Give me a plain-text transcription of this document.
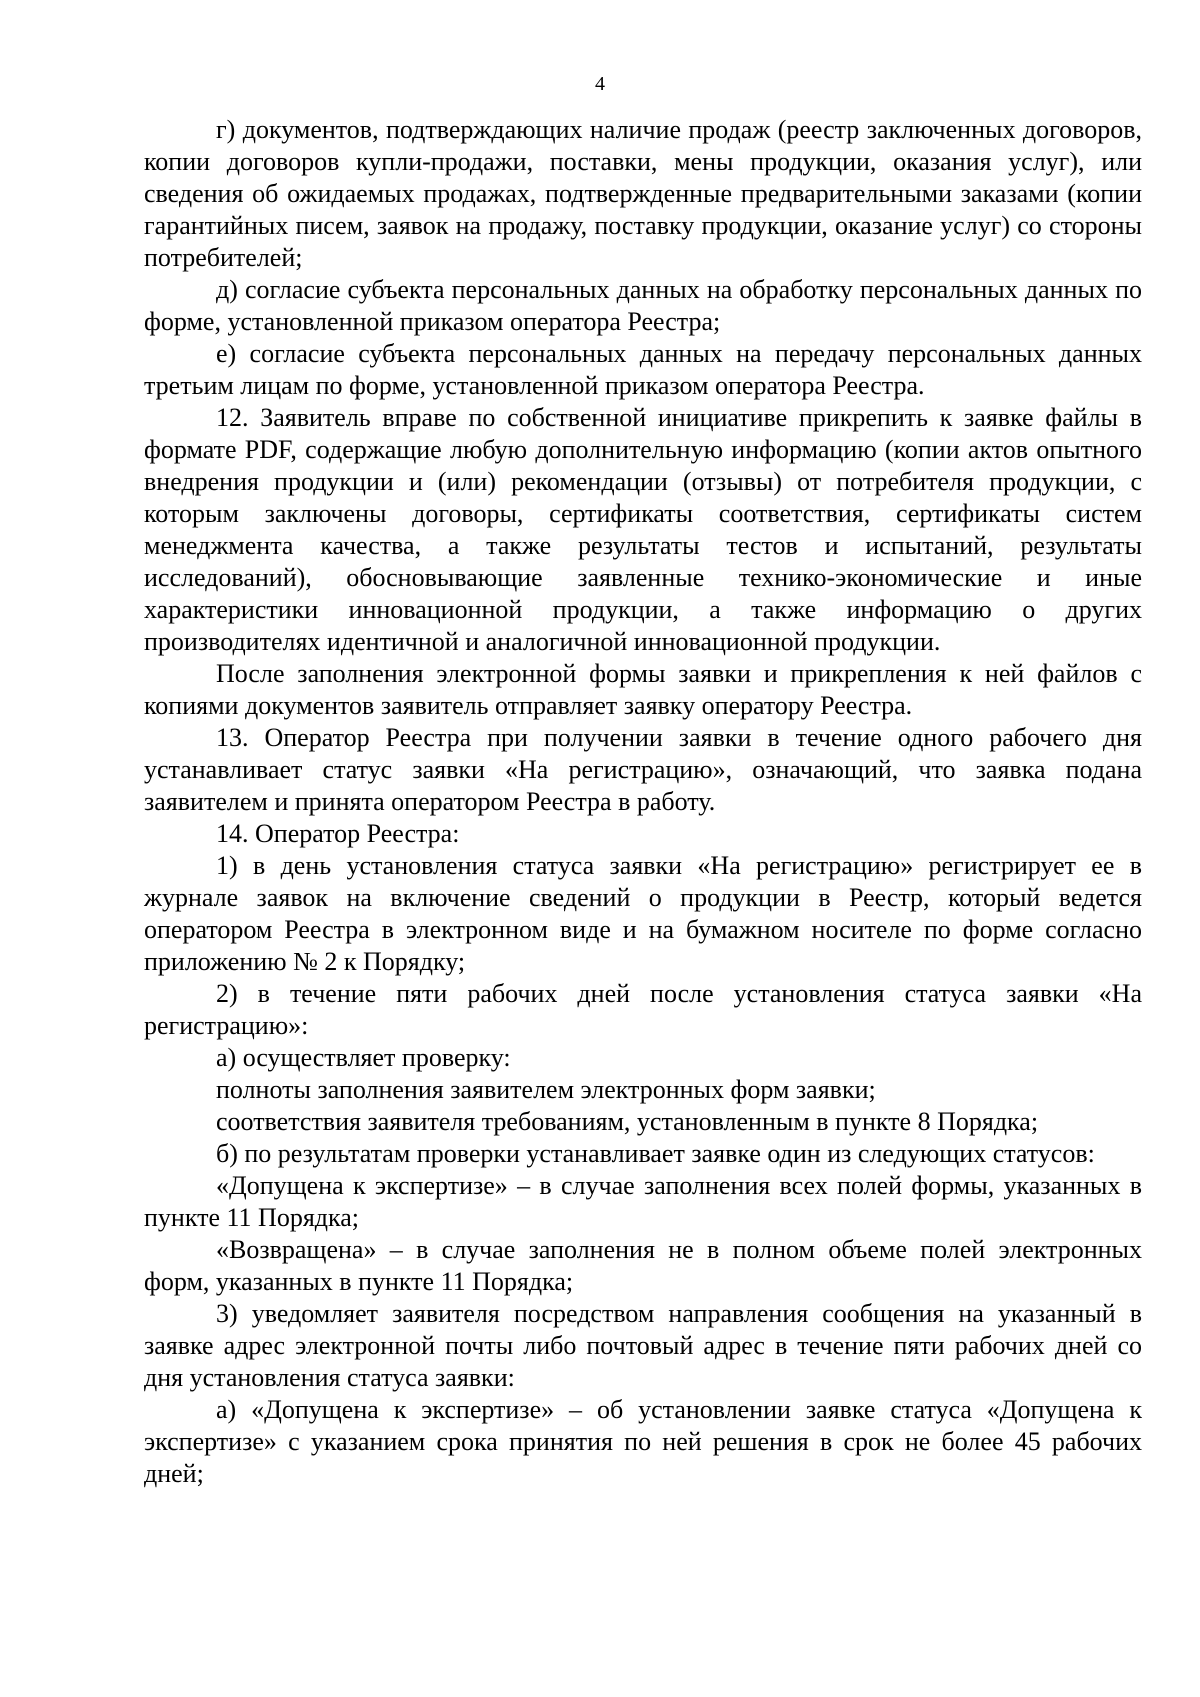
4

г) документов, подтверждающих наличие продаж (реестр заключенных договоров, копии договоров купли-продажи, поставки, мены продукции, оказания услуг), или сведения об ожидаемых продажах, подтвержденные предварительными заказами (копии гарантийных писем, заявок на продажу, поставку продукции, оказание услуг) со стороны потребителей;

д) согласие субъекта персональных данных на обработку персональных данных по форме, установленной приказом оператора Реестра;

е) согласие субъекта персональных данных на передачу персональных данных третьим лицам по форме, установленной приказом оператора Реестра.

12. Заявитель вправе по собственной инициативе прикрепить к заявке файлы в формате PDF, содержащие любую дополнительную информацию (копии актов опытного внедрения продукции и (или) рекомендации (отзывы) от потребителя продукции, с которым заключены договоры, сертификаты соответствия, сертификаты систем менеджмента качества, а также результаты тестов и испытаний, результаты исследований), обосновывающие заявленные технико-экономические и иные характеристики инновационной продукции, а также информацию о других производителях идентичной и аналогичной инновационной продукции.

После заполнения электронной формы заявки и прикрепления к ней файлов с копиями документов заявитель отправляет заявку оператору Реестра.

13. Оператор Реестра при получении заявки в течение одного рабочего дня устанавливает статус заявки «На регистрацию», означающий, что заявка подана заявителем и принята оператором Реестра в работу.

14. Оператор Реестра:

1) в день установления статуса заявки «На регистрацию» регистрирует ее в журнале заявок на включение сведений о продукции в Реестр, который ведется оператором Реестра в электронном виде и на бумажном носителе по форме согласно приложению № 2 к Порядку;

2) в течение пяти рабочих дней после установления статуса заявки «На регистрацию»:

а) осуществляет проверку:

полноты заполнения заявителем электронных форм заявки;

соответствия заявителя требованиям, установленным в пункте 8 Порядка;

б) по результатам проверки устанавливает заявке один из следующих статусов:

«Допущена к экспертизе» – в случае заполнения всех полей формы, указанных в пункте 11 Порядка;

«Возвращена» – в случае заполнения не в полном объеме полей электронных форм, указанных в пункте 11 Порядка;

3) уведомляет заявителя посредством направления сообщения на указанный в заявке адрес электронной почты либо почтовый адрес в течение пяти рабочих дней со дня установления статуса заявки:

а) «Допущена к экспертизе» – об установлении заявке статуса «Допущена к экспертизе» с указанием срока принятия по ней решения в срок не более 45 рабочих дней;
